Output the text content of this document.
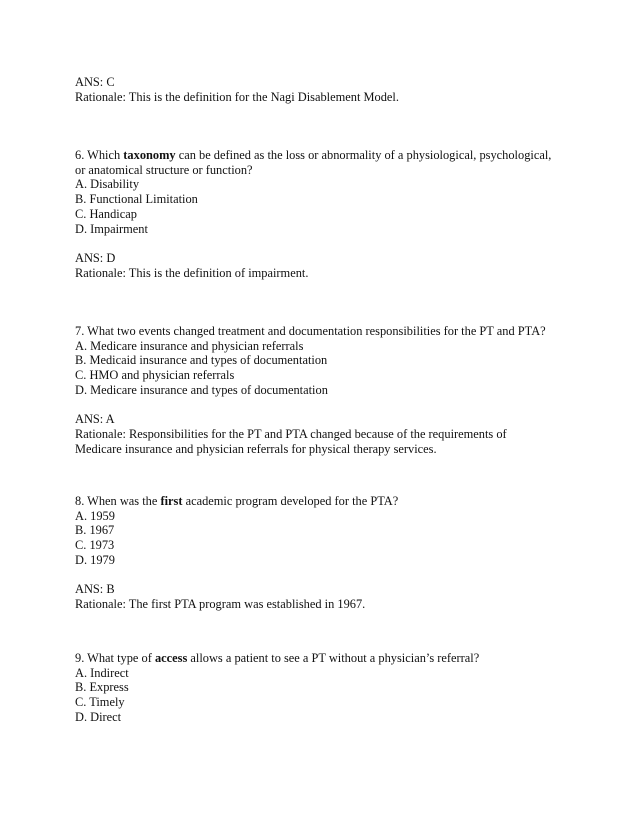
ANS: C
Rationale: This is the definition for the Nagi Disablement Model.
6. Which taxonomy can be defined as the loss or abnormality of a physiological, psychological,
or anatomical structure or function?
A. Disability
B. Functional Limitation
C. Handicap
D. Impairment
ANS: D
Rationale: This is the definition of impairment.
7. What two events changed treatment and documentation responsibilities for the PT and PTA?
A. Medicare insurance and physician referrals
B. Medicaid insurance and types of documentation
C. HMO and physician referrals
D. Medicare insurance and types of documentation
ANS: A
Rationale: Responsibilities for the PT and PTA changed because of the requirements of
Medicare insurance and physician referrals for physical therapy services.
8. When was the first academic program developed for the PTA?
A. 1959
B. 1967
C. 1973
D. 1979
ANS: B
Rationale: The first PTA program was established in 1967.
9. What type of access allows a patient to see a PT without a physician’s referral?
A. Indirect
B. Express
C. Timely
D. Direct
